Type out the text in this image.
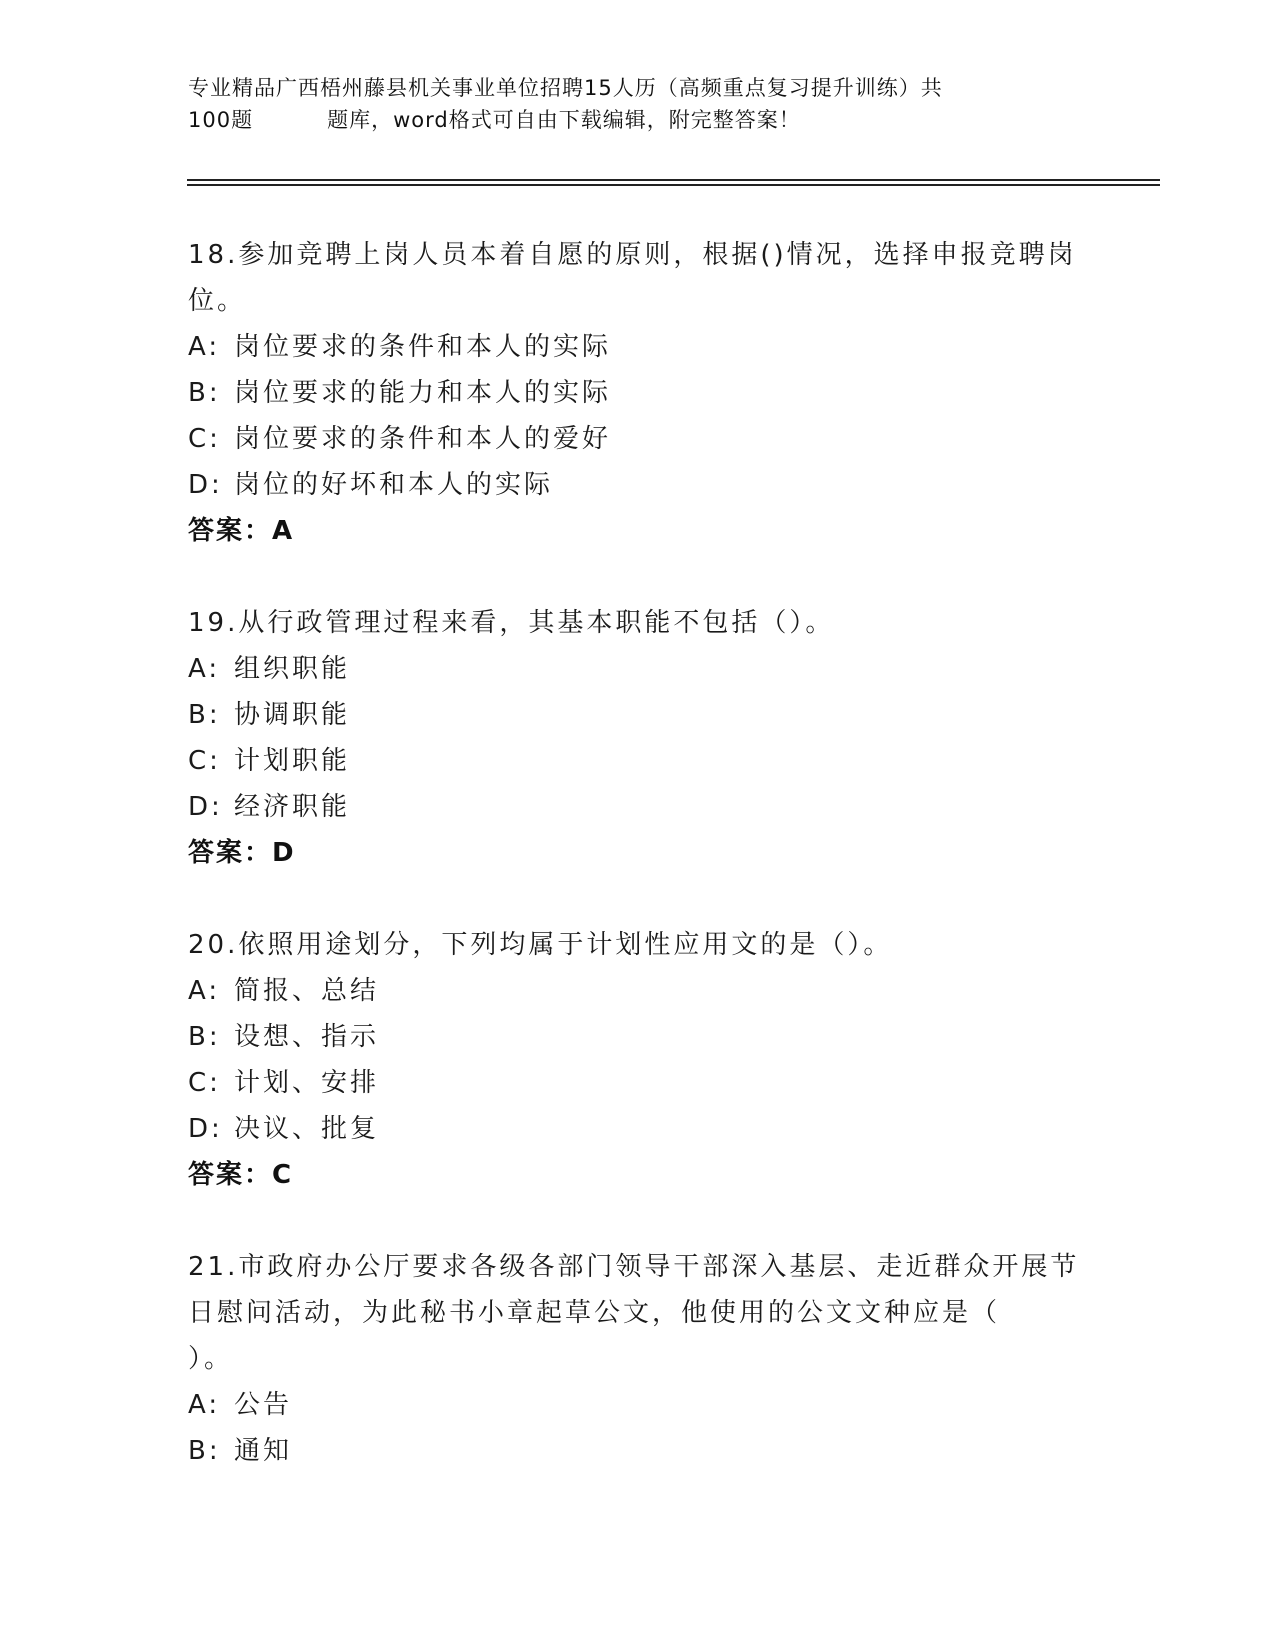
专业精品广西梧州藤县机关事业单位招聘15人历（高频重点复习提升训练）共
100题	题库，word格式可自由下载编辑，附完整答案！
18.参加竞聘上岗人员本着自愿的原则，根据()情况，选择申报竞聘岗
位。
A: 岗位要求的条件和本人的实际
B: 岗位要求的能力和本人的实际
C: 岗位要求的条件和本人的爱好
D: 岗位的好坏和本人的实际
答案：A
19.从行政管理过程来看，其基本职能不包括（）。
A: 组织职能
B: 协调职能
C: 计划职能
D: 经济职能
答案：D
20.依照用途划分，下列均属于计划性应用文的是（）。
A: 简报、总结
B: 设想、指示
C: 计划、安排
D: 决议、批复
答案：C
21.市政府办公厅要求各级各部门领导干部深入基层、走近群众开展节
日慰问活动，为此秘书小章起草公文，他使用的公文文种应是（
）。
A: 公告
B: 通知
